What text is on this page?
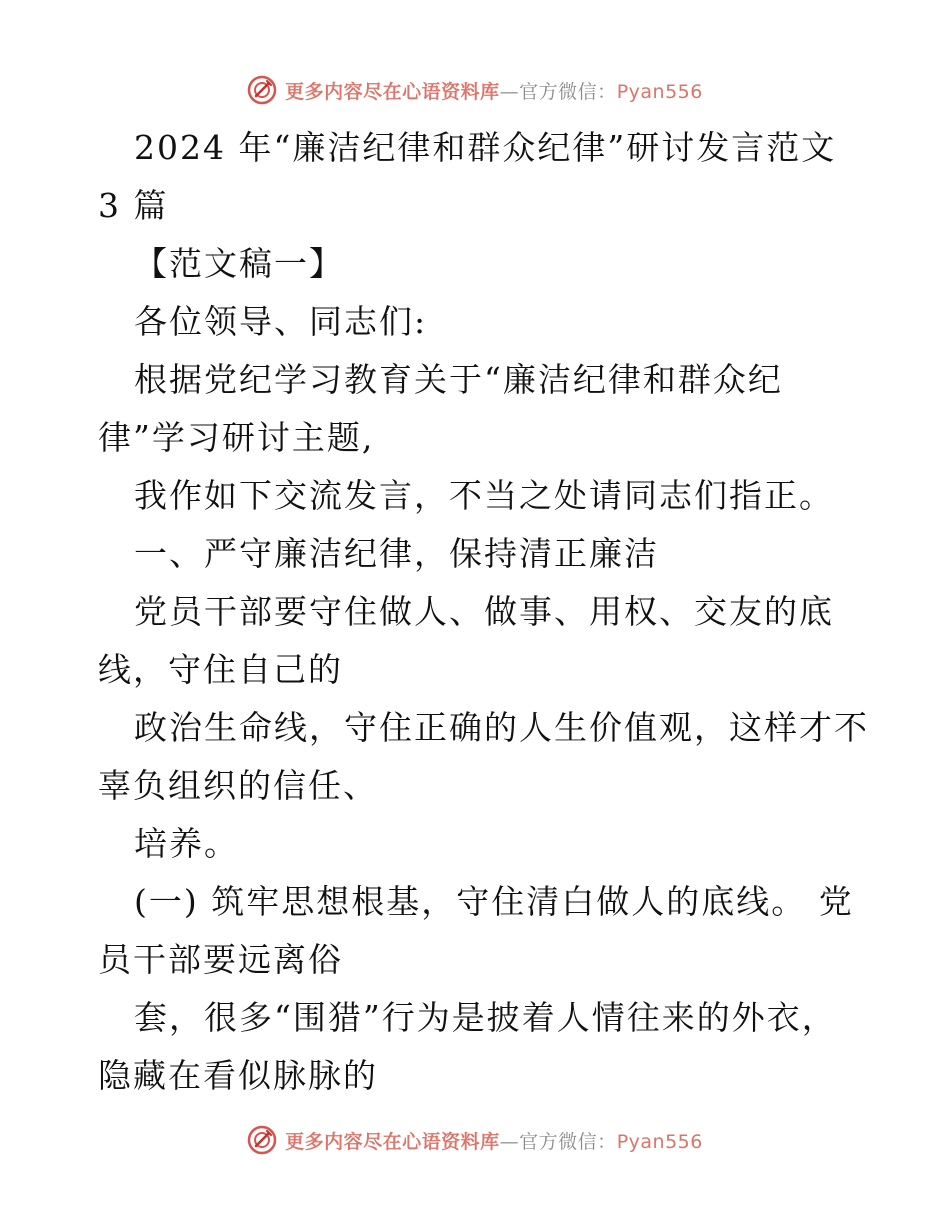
更多内容尽在心语资料库—官方微信：Pyan556
2024 年“廉洁纪律和群众纪律”研讨发言范文
3 篇
【范文稿一】
各位领导、同志们:
根据党纪学习教育关于“廉洁纪律和群众纪
律”学习研讨主题,
我作如下交流发言，不当之处请同志们指正。
一、严守廉洁纪律，保持清正廉洁
党员干部要守住做人、做事、用权、交友的底
线，守住自己的
政治生命线，守住正确的人生价值观，这样才不
辜负组织的信任、
培养。
(一) 筑牢思想根基，守住清白做人的底线。 党
员干部要远离俗
套，很多“围猎”行为是披着人情往来的外衣，
隐藏在看似脉脉的
更多内容尽在心语资料库—官方微信：Pyan556
